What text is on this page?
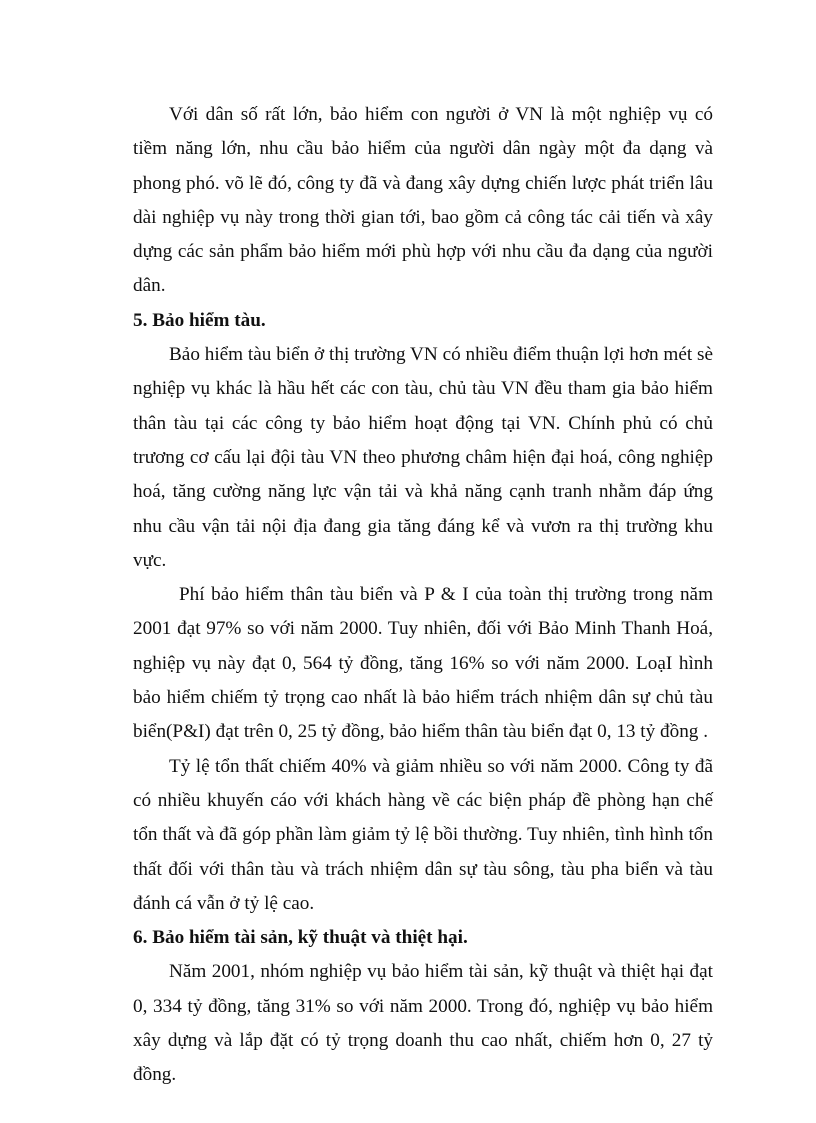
Với dân số rất lớn, bảo hiểm con người ở VN là một nghiệp vụ có tiềm năng lớn, nhu cầu bảo hiểm của người dân ngày một đa dạng và phong phó. võ lẽ đó, công ty đã và đang xây dựng chiến lược phát triển lâu dài nghiệp vụ này trong thời gian tới, bao gồm cả công tác cải tiến và xây dựng các sản phẩm bảo hiểm mới phù hợp với nhu cầu đa dạng của người dân.

5. Bảo hiểm tàu.

Bảo hiểm tàu biển ở thị trường VN có nhiều điểm thuận lợi hơn mét sè nghiệp vụ khác là hầu hết các con tàu, chủ tàu VN đều tham gia bảo hiểm thân tàu tại các công ty bảo hiểm hoạt động tại VN. Chính phủ có chủ trương cơ cấu lại đội tàu VN theo phương châm hiện đại hoá, công nghiệp hoá, tăng cường năng lực vận tải và khả năng cạnh tranh nhằm đáp ứng nhu cầu vận tải nội địa đang gia tăng đáng kể và vươn ra thị trường khu vực.

Phí bảo hiểm thân tàu biển và P & I của toàn thị trường trong năm 2001 đạt 97% so với năm 2000. Tuy nhiên, đối với Bảo Minh Thanh Hoá, nghiệp vụ này đạt 0, 564 tỷ đồng, tăng 16% so với năm 2000. LoạI hình bảo hiểm chiếm tỷ trọng cao nhất là bảo hiểm trách nhiệm dân sự chủ tàu biển(P&I) đạt trên 0, 25 tỷ đồng, bảo hiểm thân tàu biển đạt 0, 13 tỷ đồng .

Tỷ lệ tổn thất chiếm 40% và giảm nhiều so với năm 2000. Công ty đã có nhiều khuyến cáo với khách hàng về các biện pháp đề phòng hạn chế tổn thất và đã góp phần làm giảm tỷ lệ bồi thường. Tuy nhiên, tình hình tổn thất đối với thân tàu và trách nhiệm dân sự tàu sông, tàu pha biển và tàu đánh cá vẫn ở tỷ lệ cao.

6. Bảo hiểm tài sản, kỹ thuật và thiệt hại.

Năm 2001, nhóm nghiệp vụ bảo hiểm tài sản, kỹ thuật và thiệt hại đạt 0, 334 tỷ đồng, tăng 31% so với năm 2000. Trong đó, nghiệp vụ bảo hiểm xây dựng và lắp đặt có tỷ trọng doanh thu cao nhất, chiếm hơn 0, 27 tỷ đồng.
